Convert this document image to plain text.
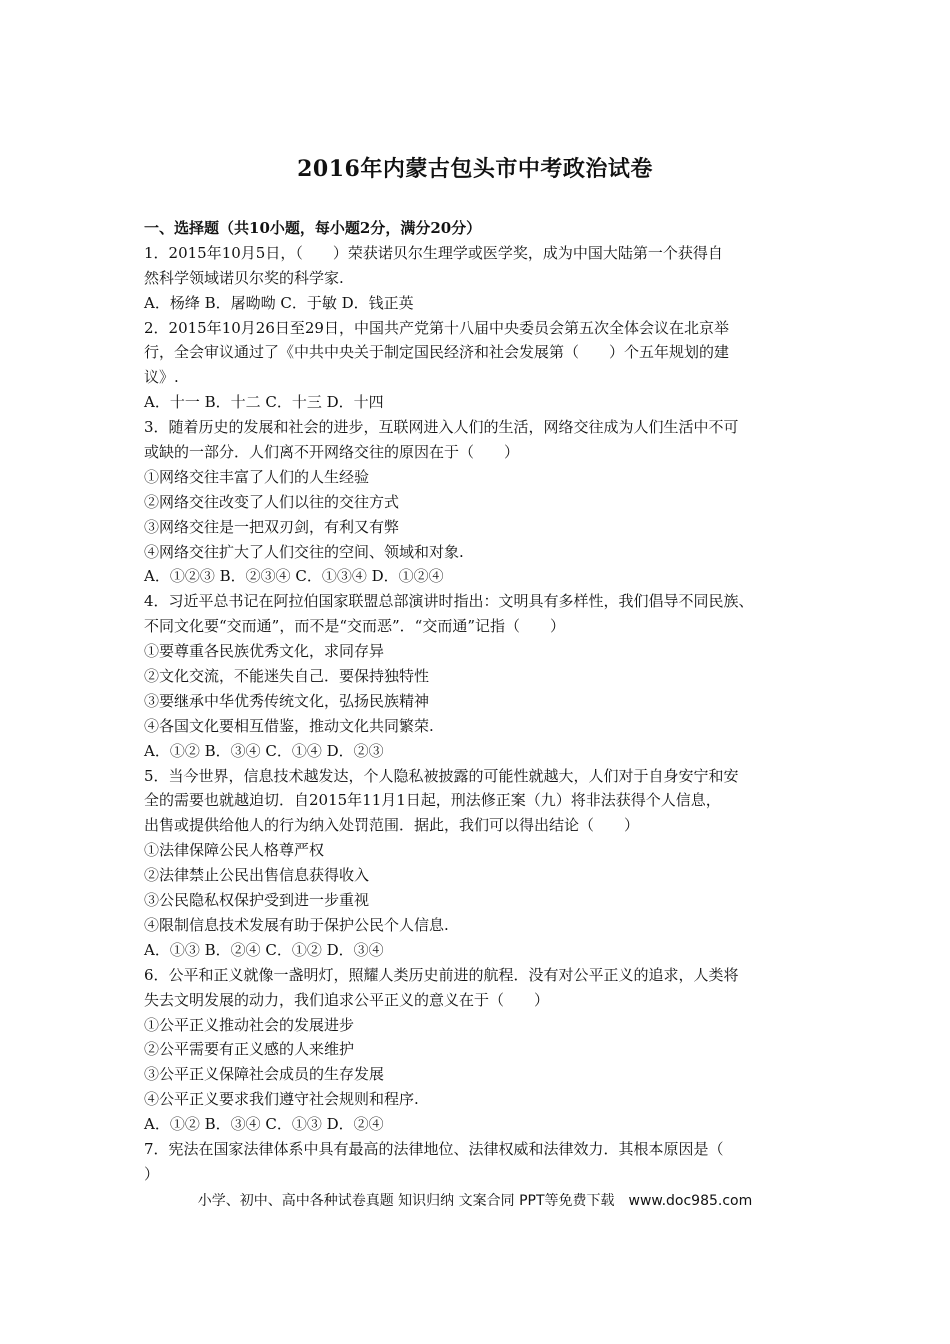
2016年内蒙古包头市中考政治试卷
一、选择题（共10小题，每小题2分，满分20分）
1．2015年10月5日，（　　）荣获诺贝尔生理学或医学奖，成为中国大陆第一个获得自
然科学领域诺贝尔奖的科学家.
A．杨绛 B．屠呦呦 C．于敏 D．钱正英
2．2015年10月26日至29日，中国共产党第十八届中央委员会第五次全体会议在北京举
行，全会审议通过了《中共中央关于制定国民经济和社会发展第（　　）个五年规划的建
议》.
A．十一 B．十二 C．十三 D．十四
3．随着历史的发展和社会的进步，互联网进入人们的生活，网络交往成为人们生活中不可
或缺的一部分．人们离不开网络交往的原因在于（　　）
①网络交往丰富了人们的人生经验
②网络交往改变了人们以往的交往方式
③网络交往是一把双刃剑，有利又有弊
④网络交往扩大了人们交往的空间、领域和对象.
A．①②③ B．②③④ C．①③④ D．①②④
4．习近平总书记在阿拉伯国家联盟总部演讲时指出：文明具有多样性，我们倡导不同民族、
不同文化要“交而通”，而不是“交而恶”．“交而通”记指（　　）
①要尊重各民族优秀文化，求同存异
②文化交流，不能迷失自己．要保持独特性
③要继承中华优秀传统文化，弘扬民族精神
④各国文化要相互借鉴，推动文化共同繁荣.
A．①② B．③④ C．①④ D．②③
5．当今世界，信息技术越发达，个人隐私被披露的可能性就越大，人们对于自身安宁和安
全的需要也就越迫切．自2015年11月1日起，刑法修正案（九）将非法获得个人信息，
出售或提供给他人的行为纳入处罚范围．据此，我们可以得出结论（　　）
①法律保障公民人格尊严权
②法律禁止公民出售信息获得收入
③公民隐私权保护受到进一步重视
④限制信息技术发展有助于保护公民个人信息.
A．①③ B．②④ C．①② D．③④
6．公平和正义就像一盏明灯，照耀人类历史前进的航程．没有对公平正义的追求，人类将
失去文明发展的动力，我们追求公平正义的意义在于（　　）
①公平正义推动社会的发展进步
②公平需要有正义感的人来维护
③公平正义保障社会成员的生存发展
④公平正义要求我们遵守社会规则和程序.
A．①② B．③④ C．①③ D．②④
7．宪法在国家法律体系中具有最高的法律地位、法律权威和法律效力．其根本原因是（
）
小学、初中、高中各种试卷真题 知识归纳 文案合同 PPT等免费下载　www.doc985.com
